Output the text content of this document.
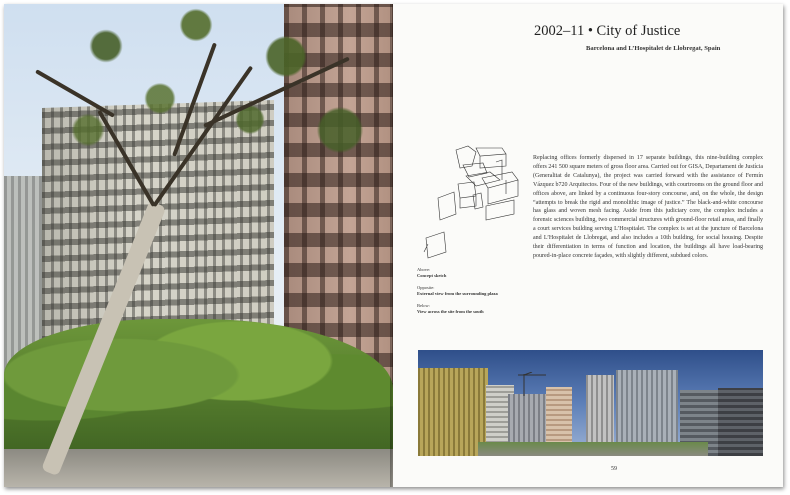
2002–11 • City of Justice
Barcelona and L’Hospitalet de Llobregat, Spain
Replacing offices formerly dispersed in 17 separate buildings, this nine-building complex offers 241 500 square meters of gross floor area. Carried out for GISA, Departament de Justícia (Generalitat de Catalunya), the project was carried forward with the assistance of Fermín Vázquez b720 Arquitectos. Four of the new buildings, with courtrooms on the ground floor and offices above, are linked by a continuous four-story concourse, and, on the whole, the design “attempts to break the rigid and monolithic image of justice.” The black-and-white concourse has glass and woven mesh facing. Aside from this judiciary core, the complex includes a forensic sciences building, two commercial structures with ground-floor retail areas, and finally a court services building serving L’Hospitalet. The complex is set at the juncture of Barcelona and L’Hospitalet de Llobregat, and also includes a 10th building, for social housing. Despite their differentiation in terms of function and location, the buildings all have load-bearing poured-in-place concrete façades, with slightly different, subdued colors.
Above:
Concept sketch
Opposite:
External view from the surrounding plaza
Below:
View across the site from the south
59
